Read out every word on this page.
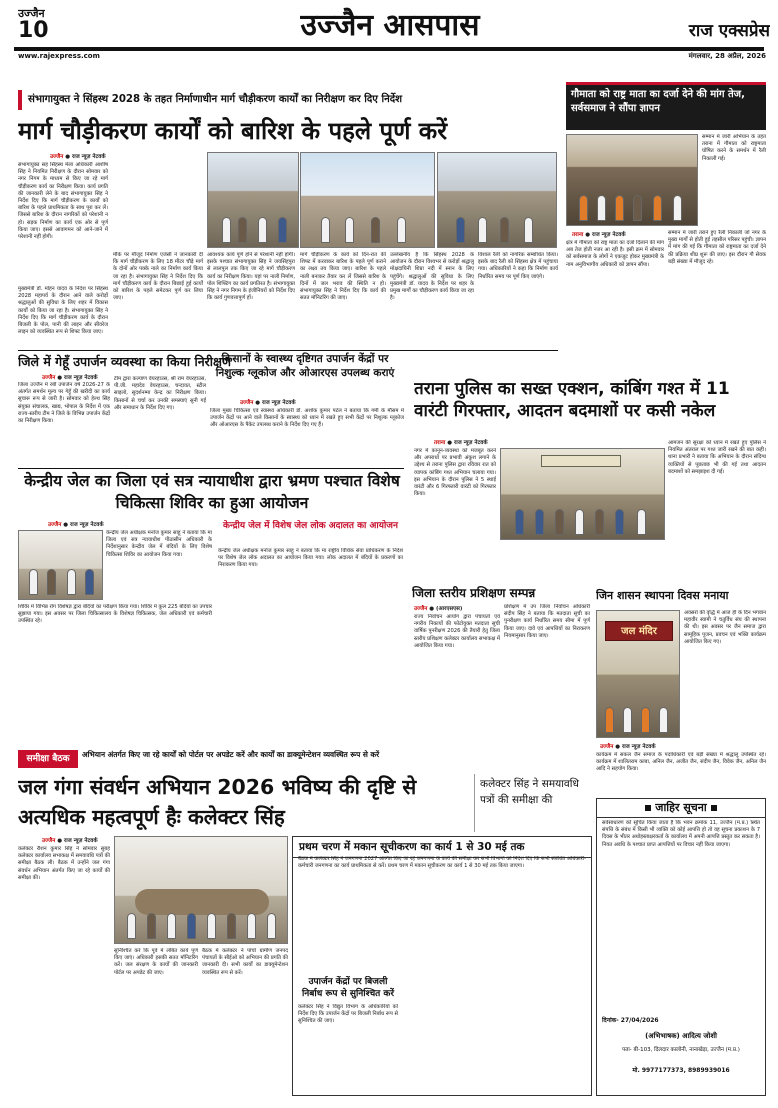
उज्जैन
10	उज्जैन आसपास	राज एक्सप्रेस
www.rajexpress.com	मंगलवार, 28 अप्रैल, 2026
संभागायुक्त ने सिंहस्थ 2028 के तहत निर्माणाधीन मार्ग चौड़ीकरण कार्यों का निरीक्षण कर दिए निर्देश
मार्ग चौड़ीकरण कार्यों को बारिश के पहले पूर्ण करें
उज्जैन ● राज न्यूज़ नेटवर्क
संभागायुक्त सह सिंहस्थ मेला अधिकारी आशीष सिंह ने नियमित निरीक्षण के दौरान सोमवार को नगर निगम के माध्यम से किए जा रहे मार्ग चौड़ीकरण कार्य का निरीक्षण किया। कार्य प्रगति की जानकारी लेने के बाद संभागायुक्त सिंह ने निर्देश दिए कि मार्ग चौड़ीकरण के कार्यों को बारिश के पहले प्राथमिकता के साथ पूरा कर लें। जिससे बारिश के दौरान नागरिकों को परेशानी न हो। सड़क निर्माण का कार्य एक ओर से पूर्ण किया जाए। इससे आवागमन को आने-जाने में परेशानी नहीं होगी।
मुख्यमंत्री डॉ. मोहन यादव के निर्देश पर सिंहस्थ 2028 महापर्व के दौरान आने वाले करोड़ों श्रद्धालुओं की सुविधा के लिए शहर में विकास कार्यों को किया जा रहा है। संभागायुक्त सिंह ने निर्देश दिए कि मार्ग चौड़ीकरण कार्य के दौरान बिजली के पोल, पानी की लाइन और सीवरेज लाइन को व्यवस्थित रूप से शिफ्ट किया जाए।
मौके पर मौजूद निर्माण एजेंसी ने जानकारी दी कि मार्ग चौड़ीकरण के लिए 18 मीटर चौड़े मार्ग के दोनों ओर पक्के नाले का निर्माण कार्य किया जा रहा है। संभागायुक्त सिंह ने निर्देश दिए कि मार्ग चौड़ीकरण कार्य के दौरान बिछाई हुई कार्यों को बारिश के पहले समेटकर पूर्ण कर लिया जाए।
आवश्यक कार्य पूर्ण होने से परेशानी नहीं होगी। इसके पश्चात संभागायुक्त सिंह ने जयसिंहपुरा से लालपुल तक किए जा रहे मार्ग चौड़ीकरण कार्य का निरीक्षण किया। यहां पर नाली निर्माण, पोल शिफ्टिंग का कार्य प्रगतिरत है। संभागायुक्त सिंह ने नगर निगम के इंजीनियरों को निर्देश दिए कि कार्य गुणवत्तापूर्ण हों।
मार्ग चौड़ीकरण के कार्य को दिन-रात की शिफ्ट में करवाकर बारिश के पहले पूर्ण कराने का लक्ष्य तय किया जाए। बारिश के पहले नाली बनाकर तैयार कर लें जिससे बारिश के दिनों में जल भराव की स्थिति न हो। संभागायुक्त सिंह ने निर्देश दिए कि कार्य की सतत मॉनिटरिंग की जाए।
उल्लेखनीय है कि सिंहस्थ 2028 के आयोजन के दौरान विश्वभर से करोड़ों श्रद्धालु मोक्षदायिनी शिप्रा नदी में स्नान के लिए पहुंचेंगे। श्रद्धालुओं की सुविधा के लिए मुख्यमंत्री डॉ. यादव के निर्देश पर शहर के प्रमुख मार्गों का चौड़ीकरण कार्य किया जा रहा है।
विशाल रैली को नागरिक सम्बोधित किया। इसके बाद रैली को सिंहस्थ क्षेत्र में पहुंचाया गया। अधिकारियों ने कहा कि निर्माण कार्य निर्धारित समय पर पूर्ण किए जाएंगे।
गौमाता को राष्ट्र माता का दर्जा देने की मांग तेज, सर्वसमाज ने सौंपा ज्ञापन
सम्मान में जारी अभियान के तहत तराना में गौमाता को राष्ट्रमाता घोषित करने के समर्थन में रैली निकाली गई।
तराना ● राज न्यूज़ नेटवर्क
क्षेत्र में गौमाता को राष्ट्र माता का दर्जा दिलाने की मांग अब तेज होती नजर आ रही है। इसी क्रम में सोमवार को सर्वसमाज के लोगों ने एकजुट होकर मुख्यमंत्री के नाम अनुविभागीय अधिकारी को ज्ञापन सौंपा।
सम्मान में जारी तराने हुए रैली निकाली जो नगर के मुख्य मार्गों से होती हुई तहसील परिसर पहुंची। ज्ञापन में मांग की गई कि गौमाता को राष्ट्रमाता का दर्जा देने की प्रक्रिया शीघ्र शुरू की जाए। इस दौरान गौ सेवक बड़ी संख्या में मौजूद रहे।
जिले में गेहूँ उपार्जन व्यवस्था का किया निरीक्षण
उज्जैन ● राज न्यूज़ नेटवर्क
जिला उज्जैन में रबी उपार्जन वर्ष 2026-27 के अंतर्गत समर्थन मूल्य पर गेहूँ की खरीदी का कार्य सुचारू रूप से जारी है। सोमवार को हेल्थ सिंह संयुक्त संचालक, खाद्य, भोपाल के निर्देश में एक राज्य-स्तरीय टीम ने जिले के विभिन्न उपार्जन केंद्रों का निरीक्षण किया।
टीम द्वारा कल्याण वेयरहाउस, श्री राम वेयरहाउस, पी.जी. महादेव वेयरहाउस, चन्दावत, स्टील साइलो, सुदर्शनम्मा केन्द्र का निरीक्षण किया। किसानों से चर्चा कर उनकी समस्याएं सुनी गईं और समाधान के निर्देश दिए गए।
किसानों के स्वास्थ्य दृष्टिगत उपार्जन केंद्रों पर निशुल्क ग्लूकोज और ओआरएस उपलब्ध कराएं
उज्जैन ● राज न्यूज़ नेटवर्क
जिला मुख्य चिकित्सा एवं स्वास्थ्य अधिकारी डॉ. अशोक कुमार पटेल ने बताया कि गर्मी के मौसम में उपार्जन केंद्रों पर आने वाले किसानों के स्वास्थ्य को ध्यान में रखते हुए सभी केंद्रों पर निशुल्क ग्लूकोज और ओआरएस के पैकेट उपलब्ध कराने के निर्देश दिए गए हैं।
तराना पुलिस का सख्त एक्शन, कांबिंग गश्त में 11 वारंटी गिरफ्तार, आदतन बदमाशों पर कसी नकेल
तराना ● राज न्यूज़ नेटवर्क
नगर में कानून-व्यवस्था को मजबूत करने और अपराधों पर प्रभावी अंकुश लगाने के उद्देश्य से तराना पुलिस द्वारा रविवार रात को व्यापक कांबिंग गश्त अभियान चलाया गया। इस अभियान के दौरान पुलिस ने 5 स्थाई वारंटी और 6 गिरफ्तारी वारंटी को गिरफ्तार किया।
आमजन की सुरक्षा को ध्यान में रखते हुए पुलिस ने नियमित अंतराल पर गश्त जारी रखने की बात कही। थाना प्रभारी ने बताया कि अभियान के दौरान संदिग्ध व्यक्तियों से पूछताछ भी की गई तथा आदतन बदमाशों को समझाइश दी गई।
केन्द्रीय जेल का जिला एवं सत्र न्यायाधीश द्वारा भ्रमण पश्चात विशेष चिकित्सा शिविर का हुआ आयोजन
उज्जैन ● राज न्यूज़ नेटवर्क
केन्द्रीय जेल अधीक्षक मनोज कुमार साहू ने बताया कि मा जिला एवं सत्र न्यायाधीश पीठासीन अधिकारी के निर्देशानुसार केन्द्रीय जेल में बंदियों के लिए विशेष चिकित्सा शिविर का आयोजन किया गया।
शिविर में विभिन्न रोग विशेषज्ञ द्वारा बंदियों का परीक्षण किया गया। शिविर में कुल 225 बंदियों का उपचार सुझाया गया। इस अवसर पर जिला चिकित्सालय के विशेषज्ञ चिकित्सक, जेल अधिकारी एवं कर्मचारी उपस्थित रहे।
केन्द्रीय जेल में विशेष जेल लोक अदालत का आयोजन
केन्द्रीय जेल अधीक्षक मनोज कुमार साहू ने बताया कि मा राष्ट्रीय विधिक सेवा प्राधिकरण के निर्देश पर विशेष जेल लोक अदालत का आयोजन किया गया। लोक अदालत में बंदियों के प्रकरणों का निराकरण किया गया।
जिला स्तरीय प्रशिक्षण सम्पन्न
उज्जैन ● (आरएसएस)
राज्य निर्वाचन आयोग द्वारा पंचायतों एवं नगरीय निकायों की फोटोयुक्त मतदाता सूची वार्षिक पुनरीक्षण 2026 की तैयारी हेतु जिला स्तरीय प्रशिक्षण कलेक्टर कार्यालय सभाकक्ष में आयोजित किया गया।
प्रशिक्षण में उप जिला निर्वाचन अधिकारी संदीप सिंह ने बताया कि मतदाता सूची का पुनरीक्षण कार्य निर्धारित समय सीमा में पूर्ण किया जाए। दावे एवं आपत्तियों का निराकरण नियमानुसार किया जाए।
जिन शासन स्थापना दिवस मनाया
जल मंदिर
अवसरों की वृद्धि में आज ही के दिन भगवान महावीर स्वामी ने चतुर्विध संघ की स्थापना की थी। इस अवसर पर जैन समाज द्वारा सामूहिक पूजन, प्रवचन एवं भक्ति कार्यक्रम आयोजित किए गए।
उज्जैन ● राज न्यूज़ नेटवर्क
कार्यक्रम में सकल जैन समाज के पदाधिकारी एवं बड़ी संख्या में श्रद्धालु उपस्थित रहे। कार्यक्रम में शालितराम काबा, अनिल जैन, अजीत जैन, संदीप जैन, विवेक जैन, अनिल जैन आदि ने सहयोग किया।
समीक्षा बैठक	अभियान अंतर्गत किए जा रहे कार्यों को पोर्टल पर अपडेट करें और कार्यों का डाक्यूमेन्टेशन व्यवस्थित रूप से करें
जल गंगा संवर्धन अभियान 2026 भविष्य की दृष्टि से अत्यधिक महत्वपूर्ण हैः कलेक्टर सिंह
कलेक्टर सिंह ने समयावधि पत्रों की समीक्षा की
उज्जैन ● राज न्यूज़ नेटवर्क
कलेक्टर रौशन कुमार सिंह ने सोमवार सुबह कलेक्टर कार्यालय सभाकक्ष में समयावधि पत्रों की समीक्षा बैठक ली। बैठक में उन्होंने जल गंगा संवर्धन अभियान अंतर्गत किए जा रहे कार्यों की समीक्षा की।
सुनिश्चित करें कि पूर्व में लंबित कार्य पूर्ण किए जाएं। अधिकारी इसकी सतत मॉनिटरिंग करें। जल संरक्षण के कार्यों की जानकारी पोर्टल पर अपडेट की जाए।
बैठक में कलेक्टर ने पांचों ग्रामीण जनपद पंचायतों के सीईओ को अभियान की प्रगति की जानकारी दी। सभी कार्यों का डाक्यूमेन्टेशन व्यवस्थित रूप से करें।
प्रथम चरण में मकान सूचीकरण का कार्य 1 से 30 मई तक
बैठक में कलेक्टर सिंह ने जनगणना 2027 अंतर्गत किए जा रहे जनगणना के कार्य की समीक्षा कर सभी विभागों को निर्देश दिए कि सभी संबंधित अधिकारी-कर्मचारी जनगणना का कार्य प्राथमिकता से करें। प्रथम चरण में मकान सूचीकरण का कार्य 1 से 30 मई तक किया जाएगा।
उपार्जन केंद्रों पर बिजली निर्बाध रूप से सुनिश्चित करें
कलेक्टर सिंह ने विद्युत विभाग के अधिकारियों को निर्देश दिए कि उपार्जन केंद्रों पर बिजली निर्बाध रूप से सुनिश्चित की जाए।
जाहिर सूचना
सर्वसाधारण को सूचित किया जाता है कि भवन क्रमांक 11, उज्जैन (म.प्र.) स्थित संपत्ति के संबंध में किसी भी व्यक्ति को कोई आपत्ति हो तो वह सूचना प्रकाशन के 7 दिवस के भीतर अधोहस्ताक्षरकर्ता के कार्यालय में अपनी आपत्ति प्रस्तुत कर सकता है। नियत अवधि के पश्चात प्राप्त आपत्तियों पर विचार नहीं किया जाएगा।
दिनांक- 27/04/2026
(अभिभाषक) आदित्य जोशी
पता- बी-103, दिलदार कालोनी, नानाखेड़ा, उज्जैन (म.प्र.)
मो. 9977177373, 8989939016
